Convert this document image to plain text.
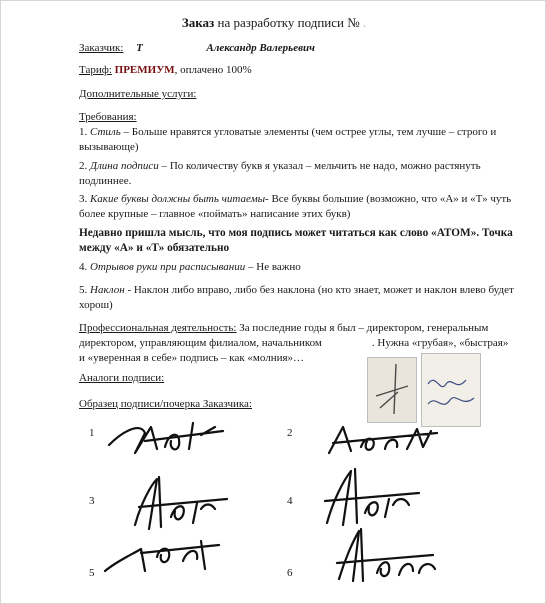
Заказ на разработку подписи № .
Заказчик: Т	Александр Валерьевич
Тариф: ПРЕМИУМ, оплачено 100%
Дополнительные услуги:
Требования:
1. Стиль – Больше нравятся угловатые элементы (чем острее углы, тем лучше – строго и вызывающе)
2. Длина подписи – По количеству букв я указал – мельчить не надо, можно растянуть подлиннее.
3. Какие буквы должны быть читаемы- Все буквы большие (возможно, что «А» и «Т» чуть более крупные – главное «поймать» написание этих букв)
Недавно пришла мысль, что моя подпись может читаться как слово «АТОМ». Точка между «А» и «Т» обязательно
4. Отрывов руки при расписывании – Не важно
5. Наклон - Наклон либо вправо, либо без наклона (но кто знает, может и наклон влево будет хорош)
Профессиональная деятельность: За последние годы я был – директором, генеральным директором, управляющим филиалом, начальником	. Нужна «грубая», «быстрая» и «уверенная в себе» подпись – как «молния»…
Аналоги подписи:
Образец подписи/почерка Заказчика:
1	2
3	4
5	6
